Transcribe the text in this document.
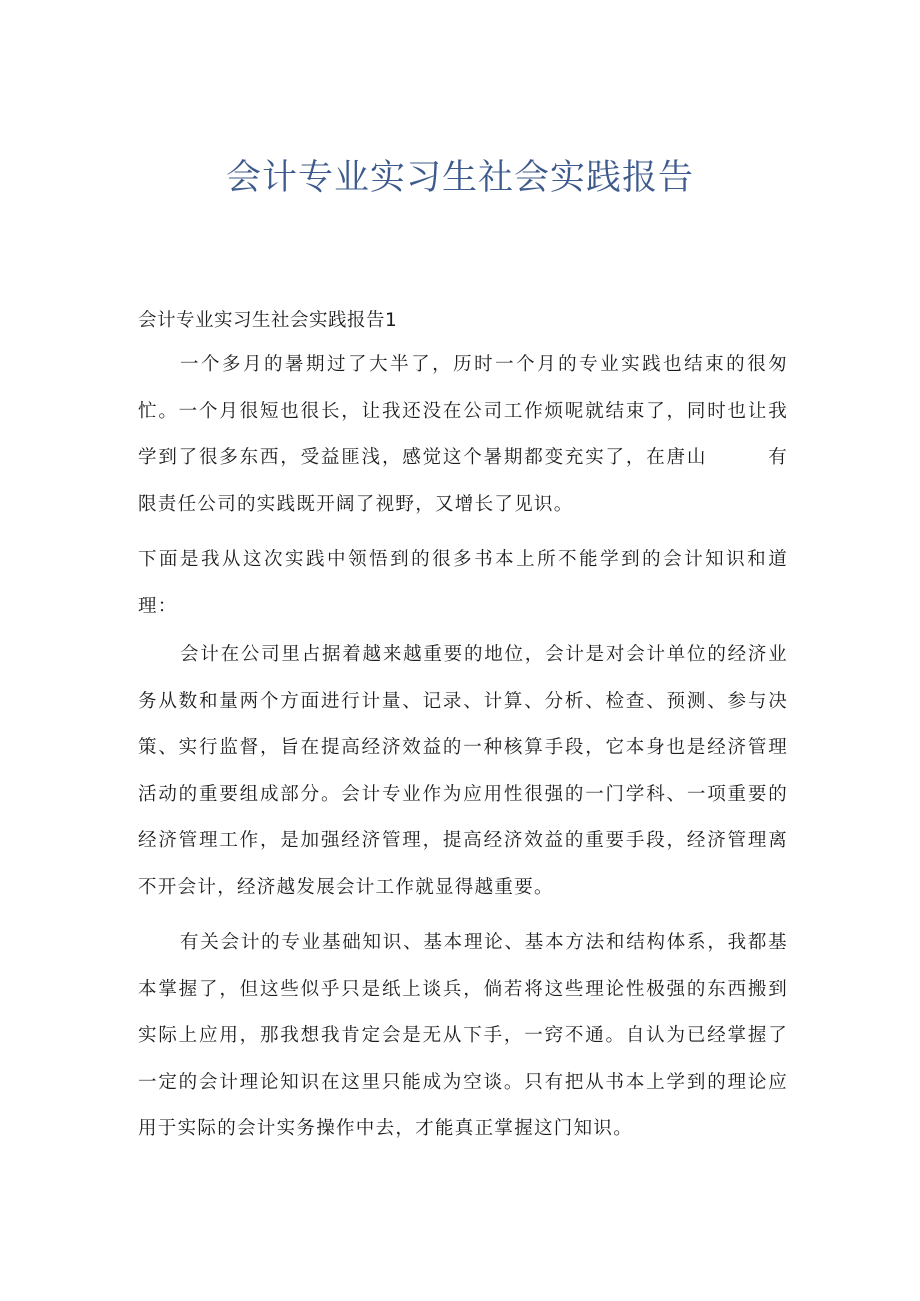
会计专业实习生社会实践报告

会计专业实习生社会实践报告1

一个多月的暑期过了大半了，历时一个月的专业实践也结束的很匆忙。一个月很短也很长，让我还没在公司工作烦呢就结束了，同时也让我学到了很多东西，受益匪浅，感觉这个暑期都变充实了，在唐山　　　有限责任公司的实践既开阔了视野，又增长了见识。

下面是我从这次实践中领悟到的很多书本上所不能学到的会计知识和道理：

会计在公司里占据着越来越重要的地位，会计是对会计单位的经济业务从数和量两个方面进行计量、记录、计算、分析、检查、预测、参与决策、实行监督，旨在提高经济效益的一种核算手段，它本身也是经济管理活动的重要组成部分。会计专业作为应用性很强的一门学科、一项重要的经济管理工作，是加强经济管理，提高经济效益的重要手段，经济管理离不开会计，经济越发展会计工作就显得越重要。

有关会计的专业基础知识、基本理论、基本方法和结构体系，我都基本掌握了，但这些似乎只是纸上谈兵，倘若将这些理论性极强的东西搬到实际上应用，那我想我肯定会是无从下手，一窍不通。自认为已经掌握了一定的会计理论知识在这里只能成为空谈。只有把从书本上学到的理论应用于实际的会计实务操作中去，才能真正掌握这门知识。
